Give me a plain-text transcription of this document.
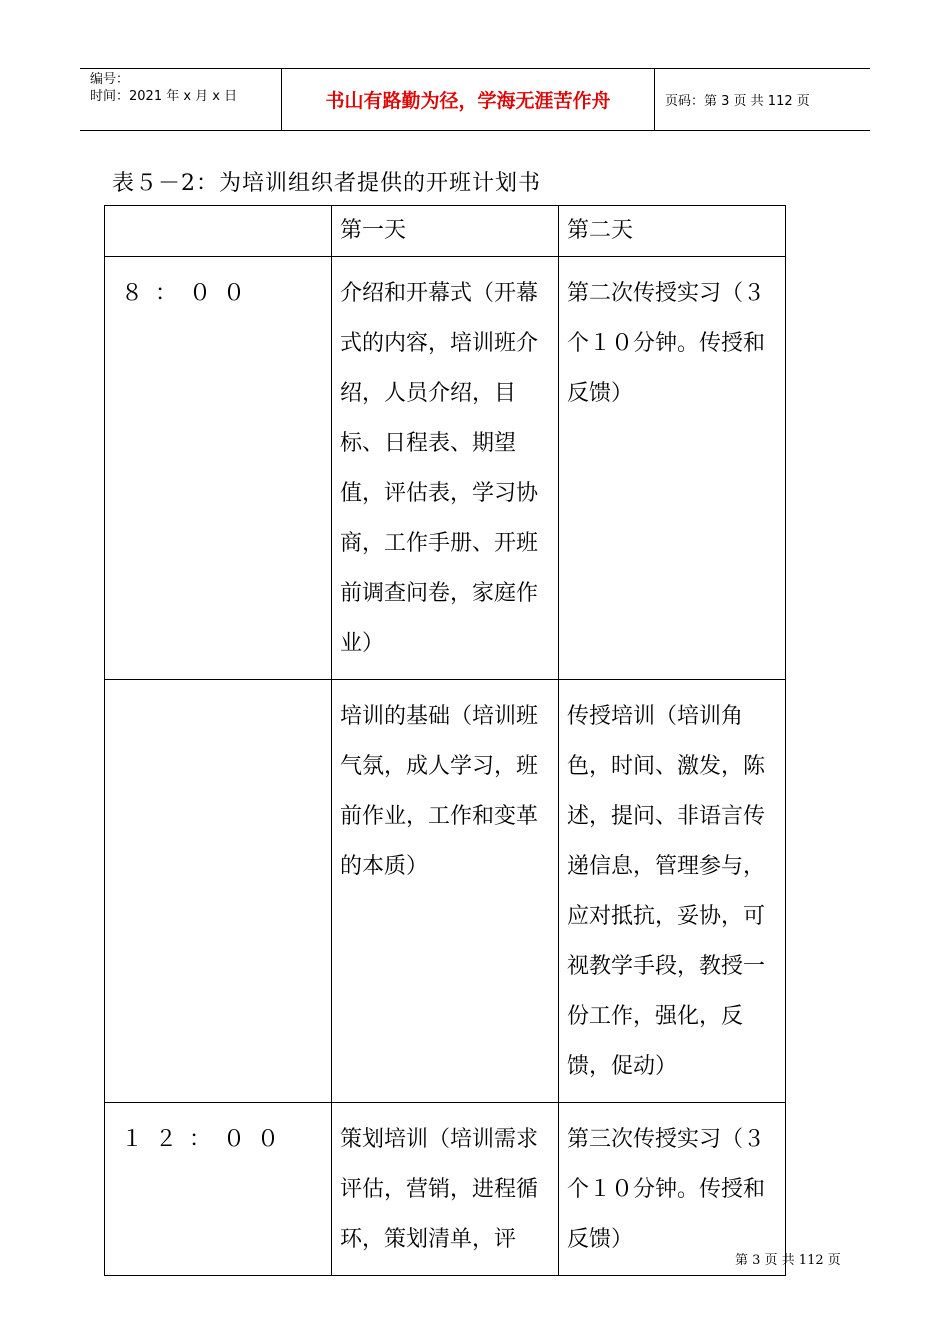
编号：
时间：2021 年 x 月 x 日	书山有路勤为径，学海无涯苦作舟	页码：第 3 页 共 112 页
表５－2：为培训组织者提供的开班计划书
	第一天	第二天
８：００	介绍和开幕式（开幕式的内容，培训班介绍，人员介绍，目标、日程表、期望值，评估表，学习协商，工作手册、开班前调查问卷，家庭作业）	第二次传授实习（３个１０分钟。传授和反馈）
	培训的基础（培训班气氛，成人学习，班前作业，工作和变革的本质）	传授培训（培训角色，时间、激发，陈述，提问、非语言传递信息，管理参与，应对抵抗，妥协，可视教学手段，教授一份工作，强化，反馈，促动）
１２：００	策划培训（培训需求评估，营销，进程循环，策划清单，评	第三次传授实习（３个１０分钟。传授和反馈）
第 3 页 共 112 页
